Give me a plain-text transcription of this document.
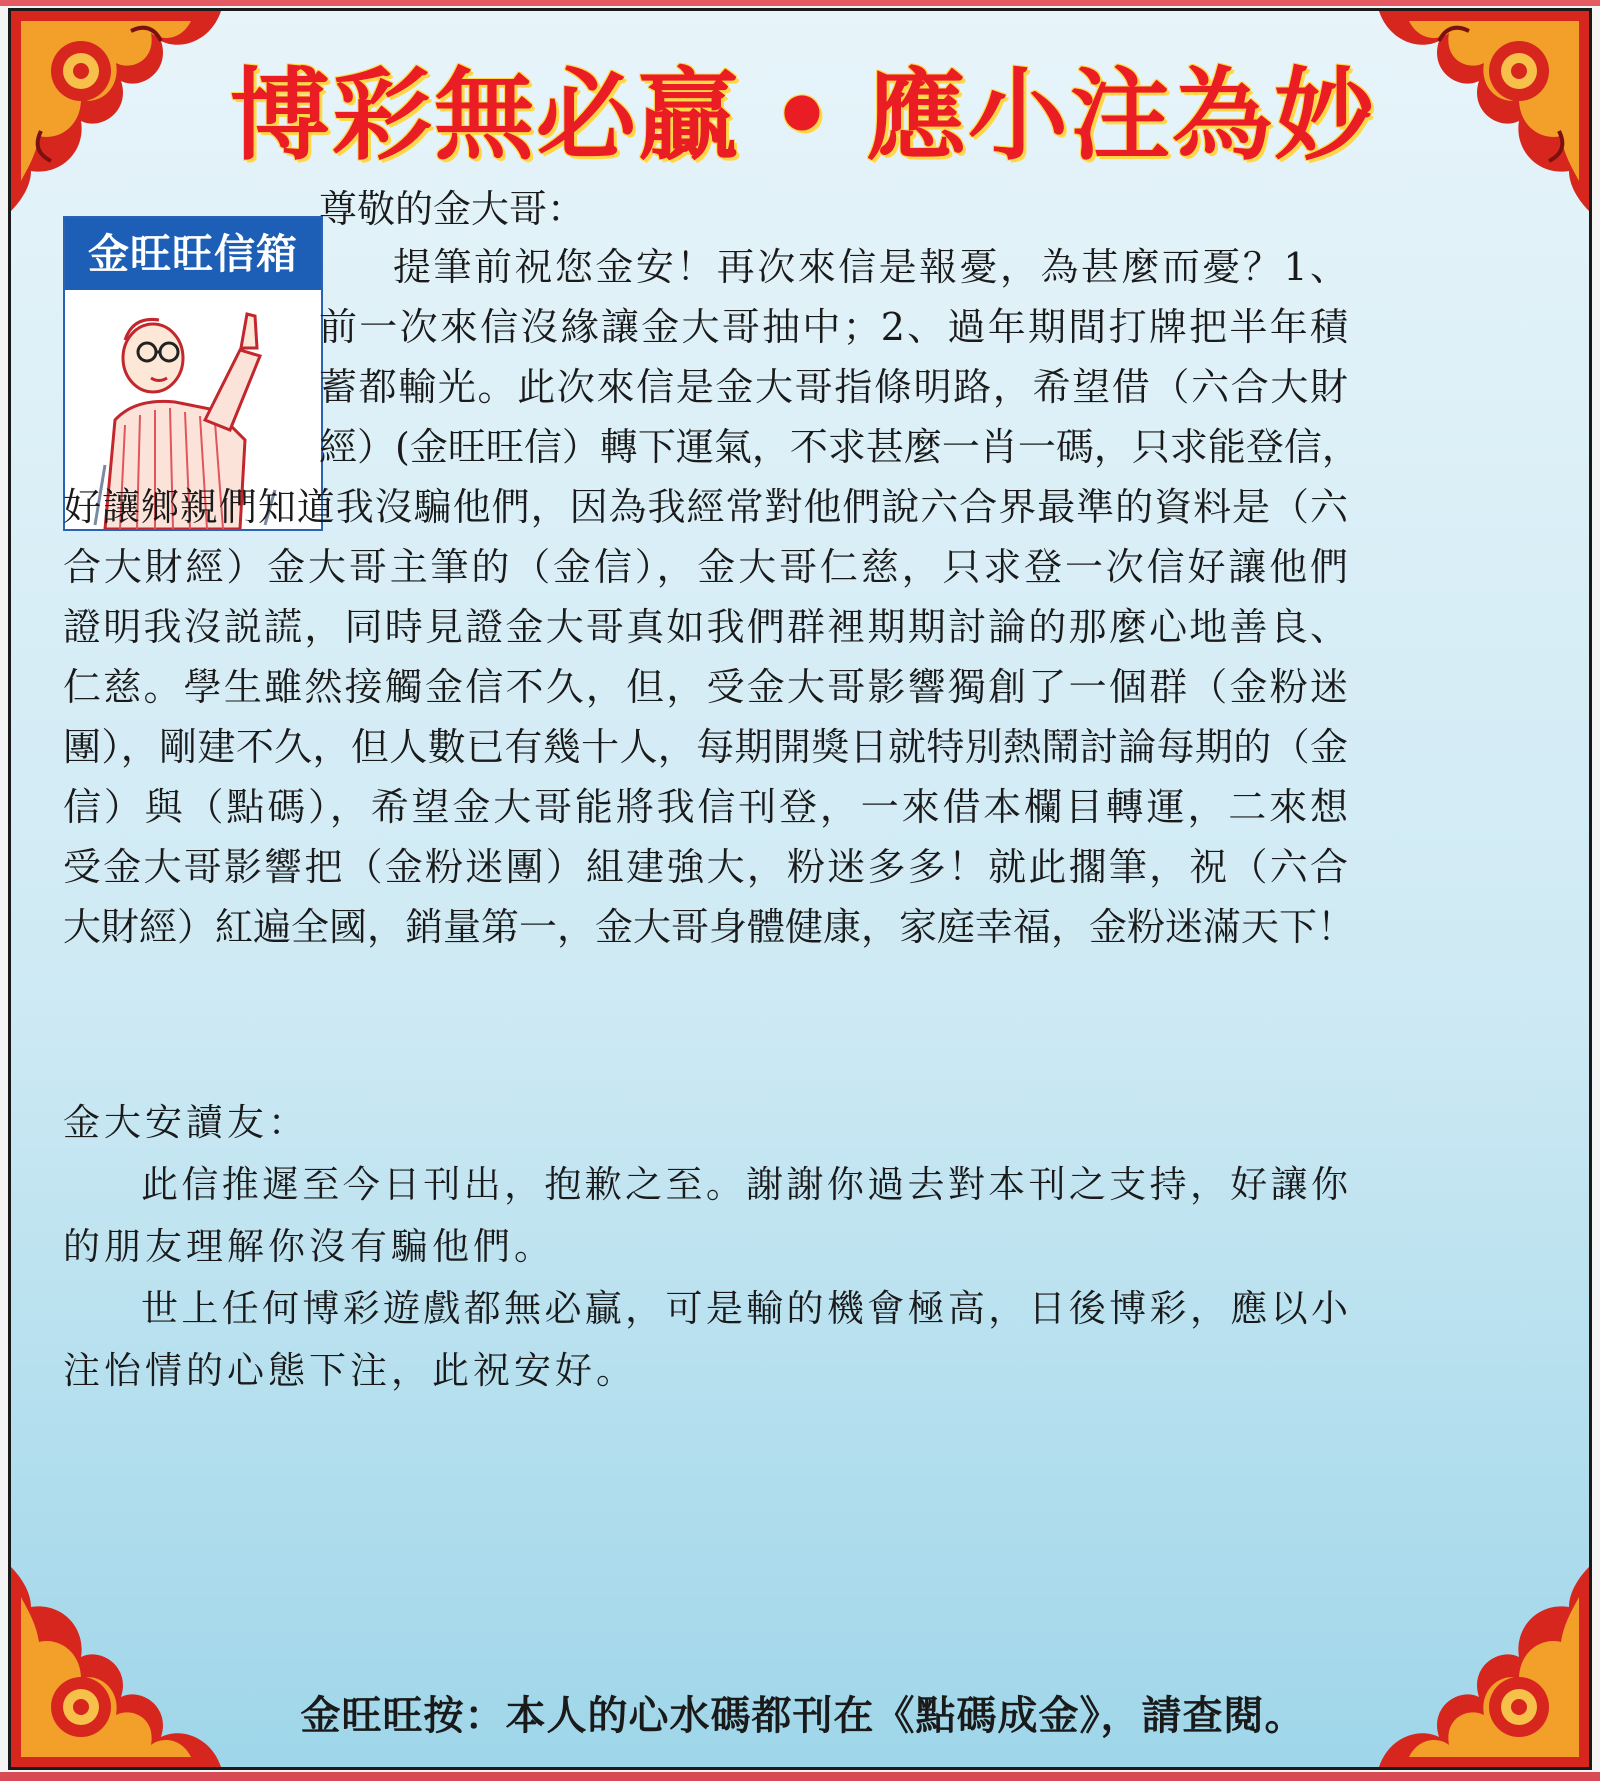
博彩無必贏 • 應小注為妙
金旺旺信箱
尊敬的金大哥：
提筆前祝您金安！再次來信是報憂，為甚麼而憂？1、
前一次來信沒緣讓金大哥抽中；2、過年期間打牌把半年積
蓄都輸光。此次來信是金大哥指條明路，希望借（六合大財
經）(金旺旺信）轉下運氣，不求甚麼一肖一碼，只求能登信，
好讓鄉親們知道我沒騙他們，因為我經常對他們說六合界最準的資料是（六
合大財經）金大哥主筆的（金信），金大哥仁慈，只求登一次信好讓他們
證明我沒説謊，同時見證金大哥真如我們群裡期期討論的那麼心地善良、
仁慈。學生雖然接觸金信不久，但，受金大哥影響獨創了一個群（金粉迷
團），剛建不久，但人數已有幾十人，每期開獎日就特別熱鬧討論每期的（金
信）與（點碼），希望金大哥能將我信刊登，一來借本欄目轉運，二來想
受金大哥影響把（金粉迷團）組建強大，粉迷多多！就此擱筆，祝（六合
大財經）紅遍全國，銷量第一，金大哥身體健康，家庭幸福，金粉迷滿天下！
金大安讀友：
此信推遲至今日刊出，抱歉之至。謝謝你過去對本刊之支持，好讓你
的朋友理解你沒有騙他們。
世上任何博彩遊戲都無必贏，可是輸的機會極高，日後博彩，應以小
注怡情的心態下注，此祝安好。
金旺旺按：本人的心水碼都刊在《點碼成金》，請查閱。
